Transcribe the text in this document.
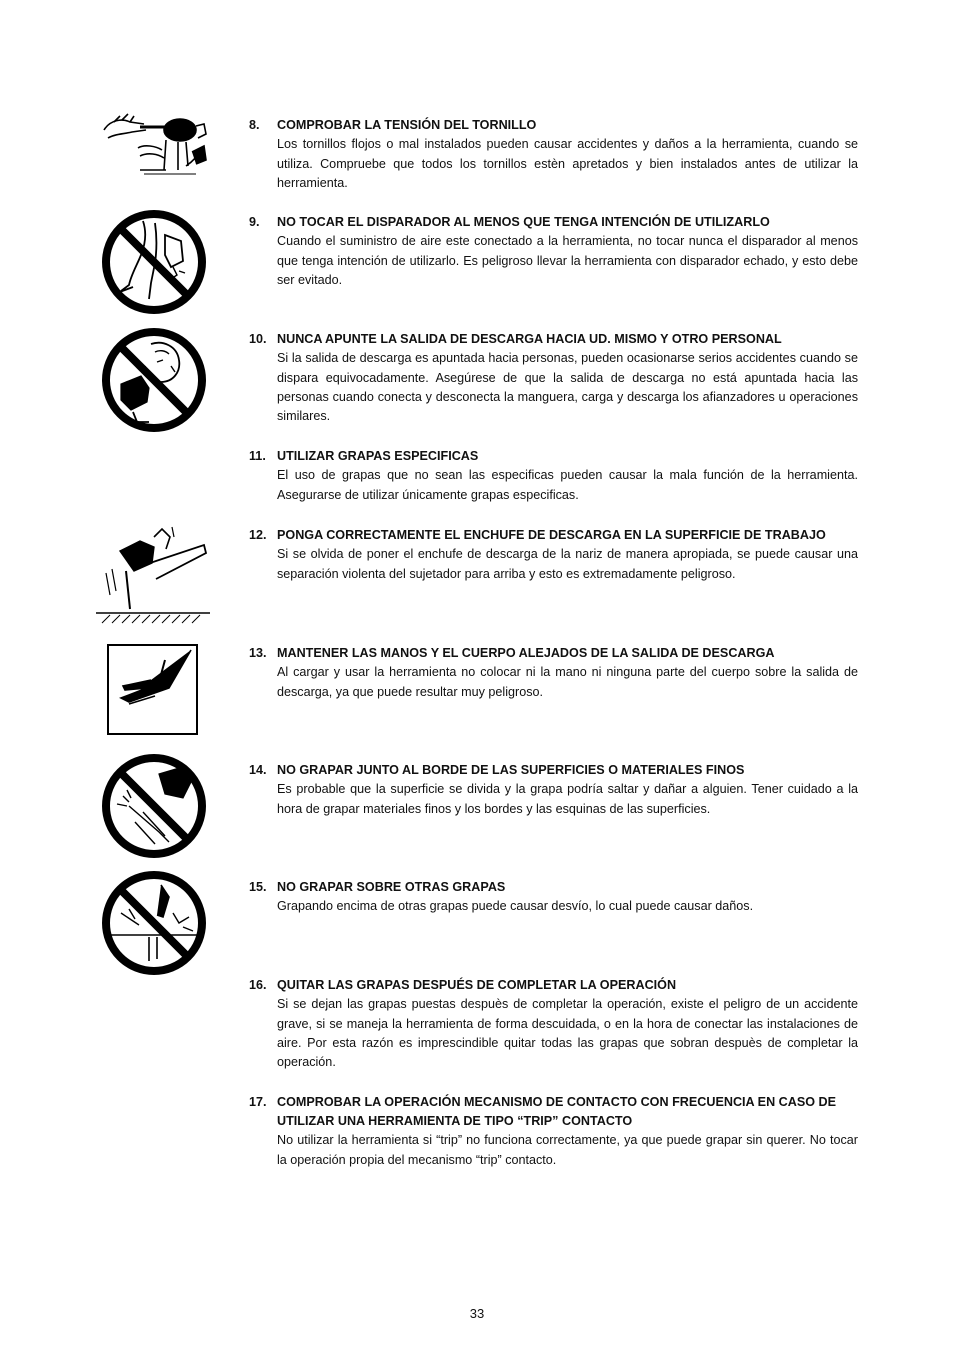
8.	COMPROBAR LA TENSIÓN DEL TORNILLO
Los tornillos flojos o mal instalados pueden causar accidentes y daños a la herramienta, cuando se utiliza. Compruebe que todos los tornillos estèn apretados y bien instalados antes de utilizar la herramienta.
9.	NO TOCAR EL DISPARADOR AL MENOS QUE TENGA INTENCIÓN DE UTILIZARLO
Cuando el suministro de aire este conectado a la herramienta, no tocar nunca el disparador al menos que tenga intención de utilizarlo. Es peligroso llevar la herramienta con disparador echado, y esto debe ser evitado.
10. NUNCA APUNTE LA SALIDA DE DESCARGA HACIA UD. MISMO Y OTRO PERSONAL
Si la salida de descarga es apuntada hacia personas, pueden ocasionarse serios accidentes cuando se dispara equivocadamente. Asegúrese de que la salida de descarga no está apuntada hacia las personas cuando conecta y desconecta la manguera, carga y descarga los afianzadores u operaciones similares.
11. UTILIZAR GRAPAS ESPECIFICAS
El uso de grapas que no sean las especificas pueden causar la mala función de la herramienta. Asegurarse de utilizar únicamente grapas especificas.
12. PONGA CORRECTAMENTE EL ENCHUFE DE DESCARGA EN LA SUPERFICIE DE TRABAJO
Si se olvida de poner el enchufe de descarga de la nariz de manera apropiada, se puede causar una separación violenta del sujetador para arriba y esto es extremadamente peligroso.
13. MANTENER LAS MANOS Y EL CUERPO ALEJADOS DE LA SALIDA DE DESCARGA
Al cargar y usar la herramienta no colocar ni la mano ni ninguna parte del cuerpo sobre la salida de descarga, ya que puede resultar muy peligroso.
14. NO GRAPAR JUNTO AL BORDE DE LAS SUPERFICIES O MATERIALES FINOS
Es probable que la superficie se divida y la grapa podría saltar y dañar a alguien. Tener cuidado a la hora de grapar materiales finos y los bordes y las esquinas de las superficies.
15. NO GRAPAR SOBRE OTRAS GRAPAS
Grapando encima de otras grapas puede causar desvío, lo cual puede causar daños.
16. QUITAR LAS GRAPAS DESPUÉS DE COMPLETAR LA OPERACIÓN
Si se dejan las grapas puestas despuès de completar la operación, existe el peligro de un accidente grave, si se maneja la herramienta de forma descuidada, o en la hora de conectar las instalaciones de aire. Por esta razón es imprescindible quitar todas las grapas que sobran despuès de completar la operación.
17. COMPROBAR LA OPERACIÓN MECANISMO DE CONTACTO CON FRECUENCIA EN CASO DE UTILIZAR UNA HERRAMIENTA DE TIPO “TRIP” CONTACTO
No utilizar la herramienta si “trip” no funciona correctamente, ya que puede grapar sin querer. No tocar la operación propia del mecanismo “trip” contacto.
33
